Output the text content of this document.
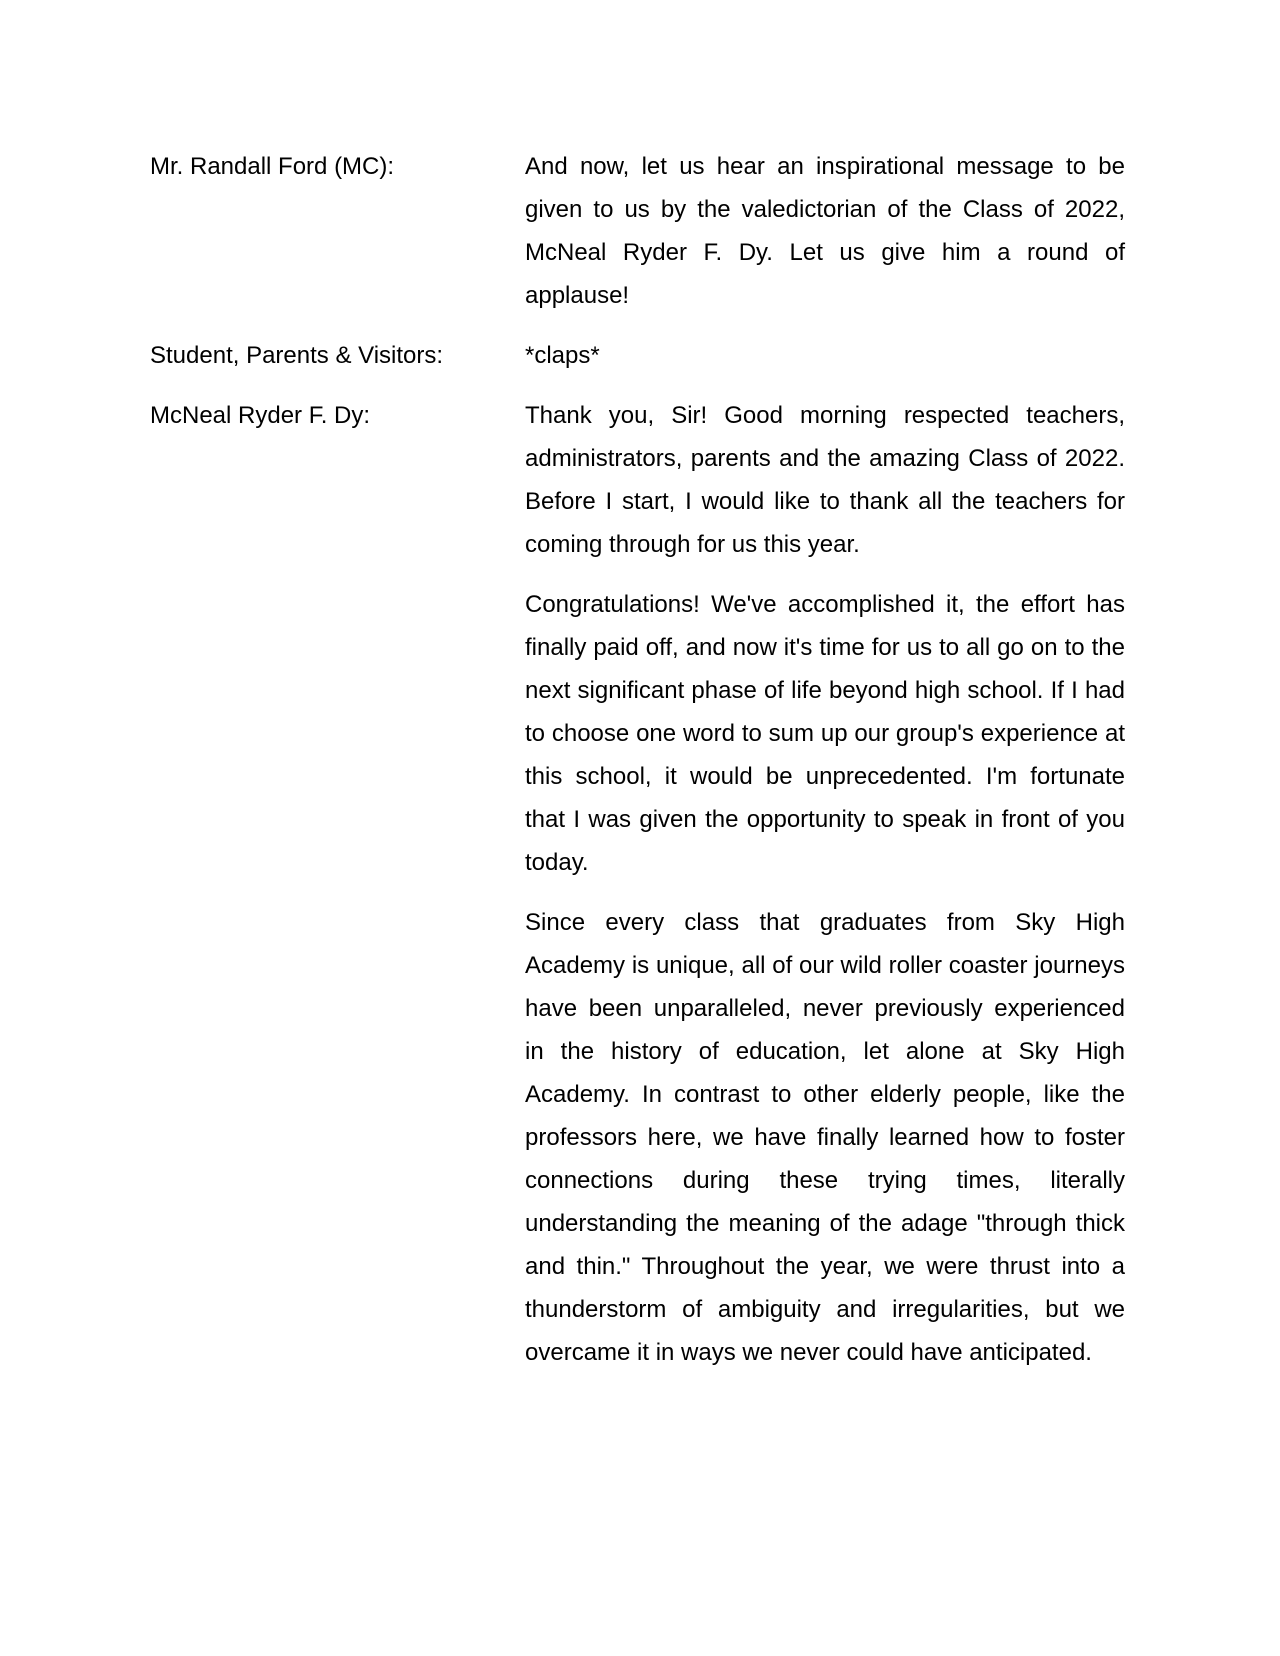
Mr. Randall Ford (MC):	And now, let us hear an inspirational message to be given to us by the valedictorian of the Class of 2022, McNeal Ryder F. Dy. Let us give him a round of applause!

Student, Parents & Visitors:	*claps*

McNeal Ryder F. Dy:	Thank you, Sir! Good morning respected teachers, administrators, parents and the amazing Class of 2022. Before I start, I would like to thank all the teachers for coming through for us this year.

Congratulations! We've accomplished it, the effort has finally paid off, and now it's time for us to all go on to the next significant phase of life beyond high school. If I had to choose one word to sum up our group's experience at this school, it would be unprecedented. I'm fortunate that I was given the opportunity to speak in front of you today.

Since every class that graduates from Sky High Academy is unique, all of our wild roller coaster journeys have been unparalleled, never previously experienced in the history of education, let alone at Sky High Academy. In contrast to other elderly people, like the professors here, we have finally learned how to foster connections during these trying times, literally understanding the meaning of the adage "through thick and thin." Throughout the year, we were thrust into a thunderstorm of ambiguity and irregularities, but we overcame it in ways we never could have anticipated.
